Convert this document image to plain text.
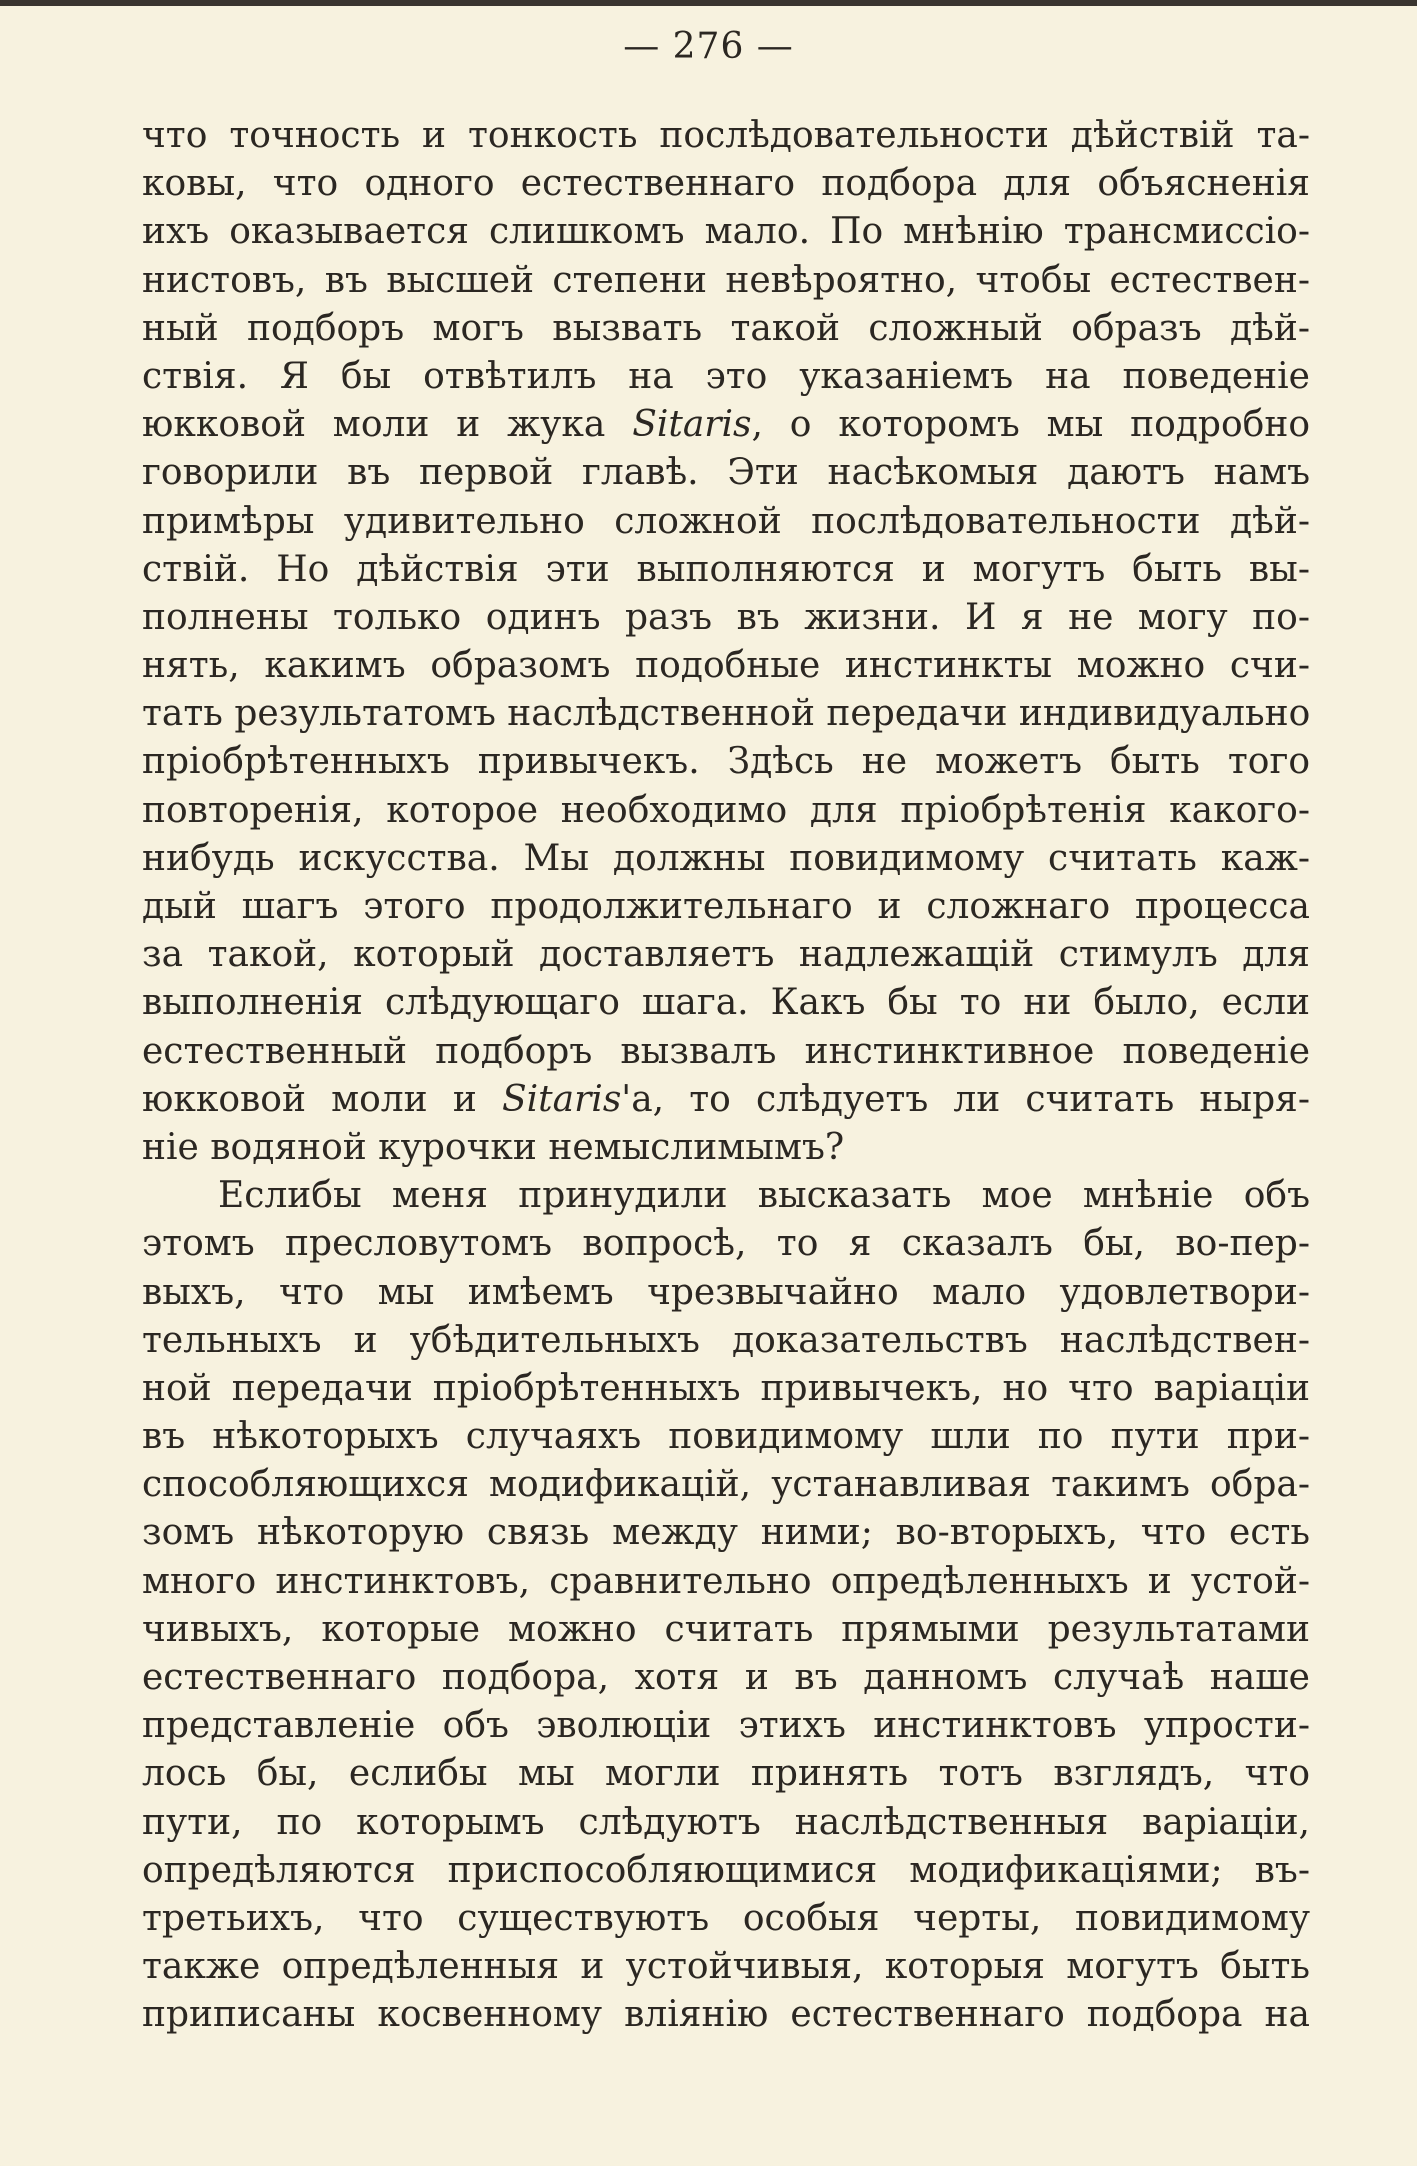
— 276 —
что точность и тонкость послѣдовательности дѣйствій та-
ковы, что одного естественнаго подбора для объясненія
ихъ оказывается слишкомъ мало. По мнѣнію трансмиссіо-
нистовъ, въ высшей степени невѣроятно, чтобы естествен-
ный подборъ могъ вызвать такой сложный образъ дѣй-
ствія. Я бы отвѣтилъ на это указаніемъ на поведеніе
юкковой моли и жука Sitaris, о которомъ мы подробно
говорили въ первой главѣ. Эти насѣкомыя даютъ намъ
примѣры удивительно сложной послѣдовательности дѣй-
ствій. Но дѣйствія эти выполняются и могутъ быть вы-
полнены только одинъ разъ въ жизни. И я не могу по-
нять, какимъ образомъ подобные инстинкты можно счи-
тать результатомъ наслѣдственной передачи индивидуально
пріобрѣтенныхъ привычекъ. Здѣсь не можетъ быть того
повторенія, которое необходимо для пріобрѣтенія какого-
нибудь искусства. Мы должны повидимому считать каж-
дый шагъ этого продолжительнаго и сложнаго процесса
за такой, который доставляетъ надлежащій стимулъ для
выполненія слѣдующаго шага. Какъ бы то ни было, если
естественный подборъ вызвалъ инстинктивное поведеніе
юкковой моли и Sitaris'а, то слѣдуетъ ли считать ныря-
ніе водяной курочки немыслимымъ?
Еслибы меня принудили высказать мое мнѣніе объ
этомъ пресловутомъ вопросѣ, то я сказалъ бы, во-пер-
выхъ, что мы имѣемъ чрезвычайно мало удовлетвори-
тельныхъ и убѣдительныхъ доказательствъ наслѣдствен-
ной передачи пріобрѣтенныхъ привычекъ, но что варіаціи
въ нѣкоторыхъ случаяхъ повидимому шли по пути при-
способляющихся модификацій, устанавливая такимъ обра-
зомъ нѣкоторую связь между ними; во-вторыхъ, что есть
много инстинктовъ, сравнительно опредѣленныхъ и устой-
чивыхъ, которые можно считать прямыми результатами
естественнаго подбора, хотя и въ данномъ случаѣ наше
представленіе объ эволюціи этихъ инстинктовъ упрости-
лось бы, еслибы мы могли принять тотъ взглядъ, что
пути, по которымъ слѣдуютъ наслѣдственныя варіаціи,
опредѣляются приспособляющимися модификаціями; въ-
третьихъ, что существуютъ особыя черты, повидимому
также опредѣленныя и устойчивыя, которыя могутъ быть
приписаны косвенному вліянію естественнаго подбора на
